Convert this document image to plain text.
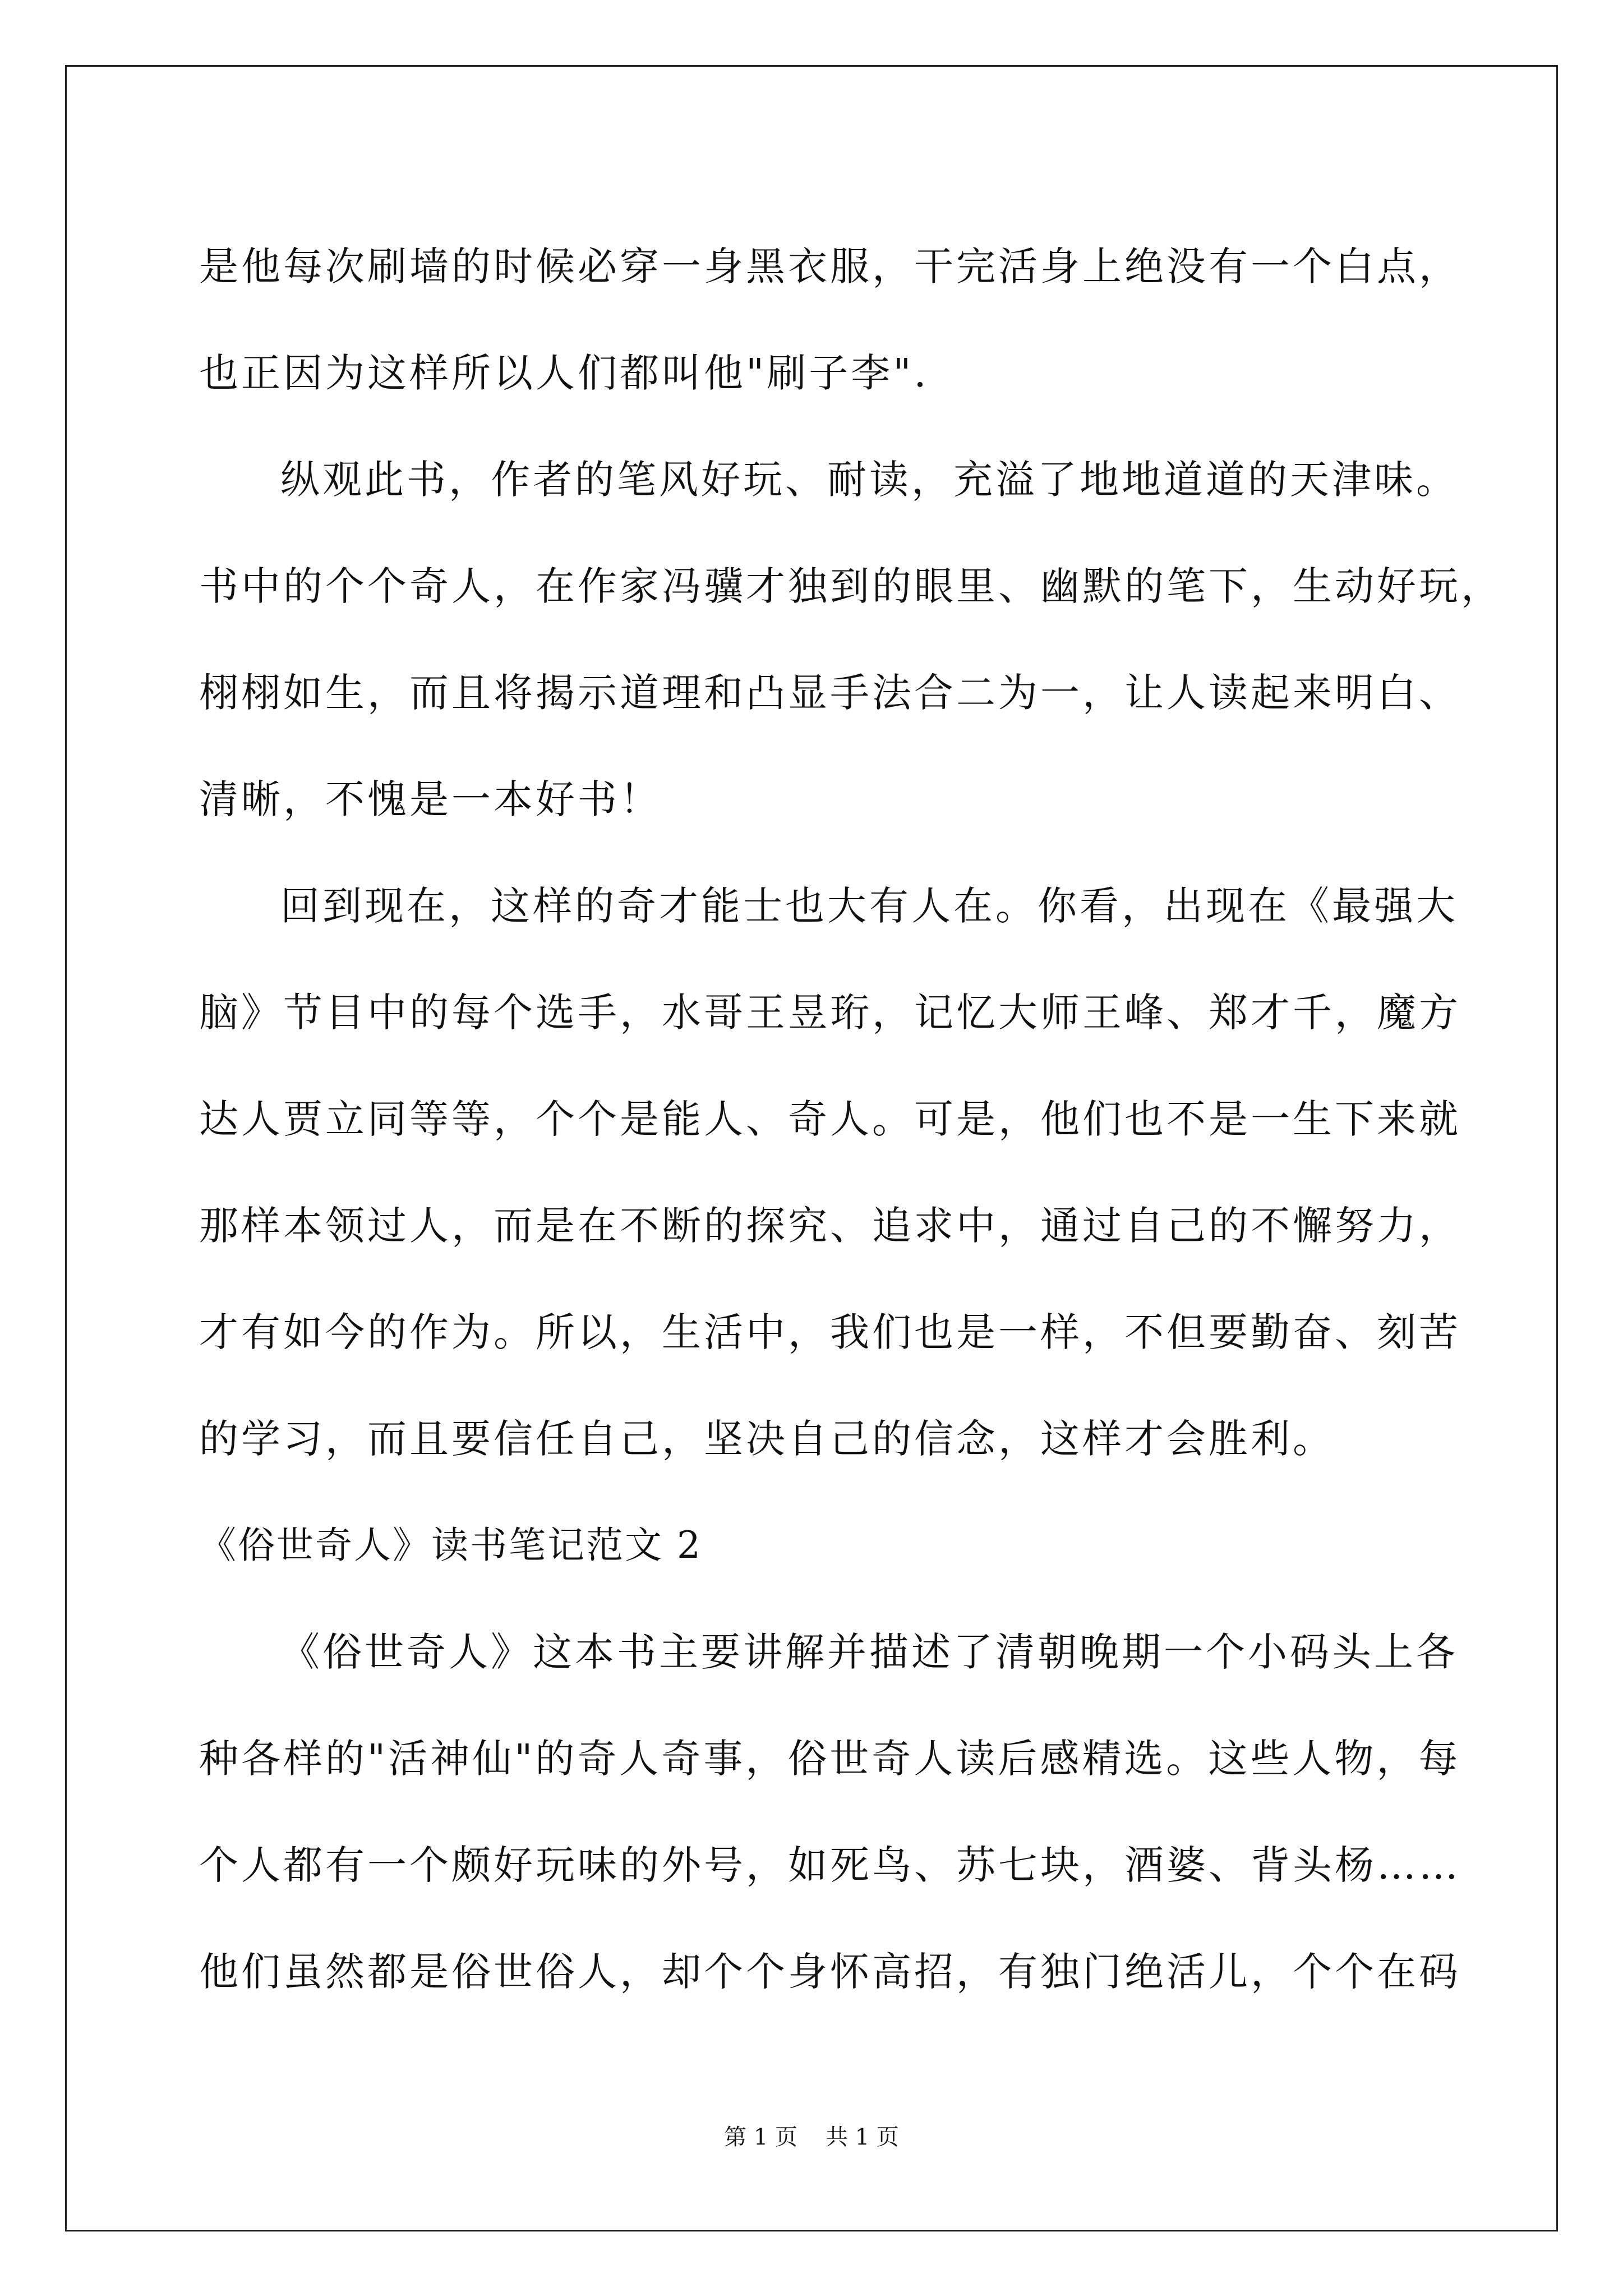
是他每次刷墙的时候必穿一身黑衣服，干完活身上绝没有一个白点，
也正因为这样所以人们都叫他"刷子李".
纵观此书，作者的笔风好玩、耐读，充溢了地地道道的天津味。
书中的个个奇人，在作家冯骥才独到的眼里、幽默的笔下，生动好玩，
栩栩如生，而且将揭示道理和凸显手法合二为一，让人读起来明白、
清晰，不愧是一本好书！
回到现在，这样的奇才能士也大有人在。你看，出现在《最强大
脑》节目中的每个选手，水哥王昱珩，记忆大师王峰、郑才千，魔方
达人贾立同等等，个个是能人、奇人。可是，他们也不是一生下来就
那样本领过人，而是在不断的探究、追求中，通过自己的不懈努力，
才有如今的作为。所以，生活中，我们也是一样，不但要勤奋、刻苦
的学习，而且要信任自己，坚决自己的信念，这样才会胜利。
《俗世奇人》读书笔记范文 2
《俗世奇人》这本书主要讲解并描述了清朝晚期一个小码头上各
种各样的"活神仙"的奇人奇事，俗世奇人读后感精选。这些人物，每
个人都有一个颇好玩味的外号，如死鸟、苏七块，酒婆、背头杨……
他们虽然都是俗世俗人，却个个身怀高招，有独门绝活儿，个个在码
第 1 页 共 1 页
